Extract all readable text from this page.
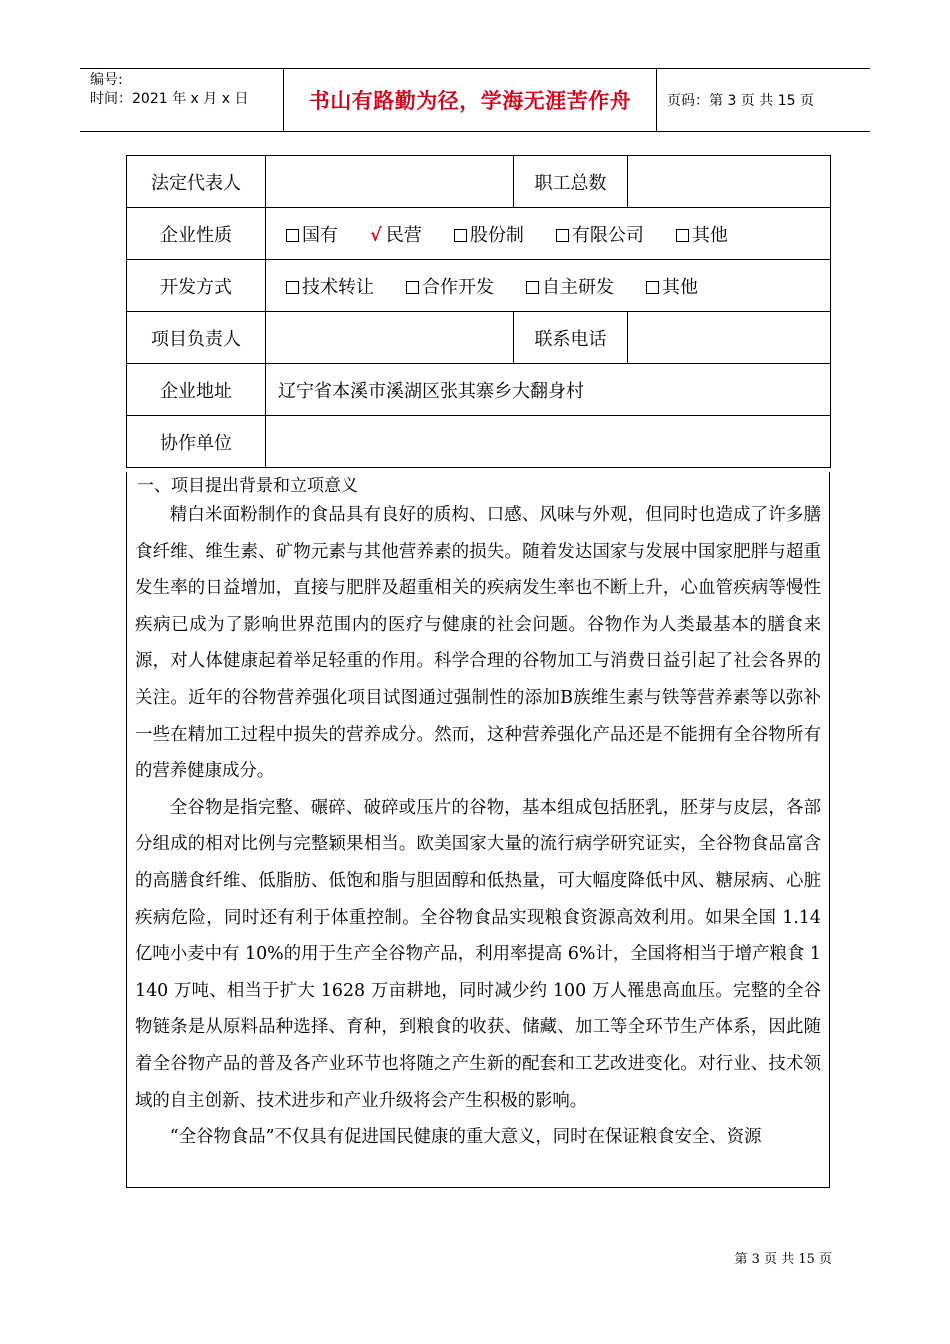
编号:
时间：2021 年 x 月 x 日	书山有路勤为径，学海无涯苦作舟	页码：第 3 页 共 15 页
法定代表人		职工总数	
企业性质	国有 √ 民营 股份制 有限公司 其他		

开发方式	技术转让 合作开发 自主研发 其他		

项目负责人		联系电话	
企业地址	辽宁省本溪市溪湖区张其寨乡大翻身村		
协作单位			
一、项目提出背景和立项意义

精白米面粉制作的食品具有良好的质构、口感、风味与外观，但同时也造成了许多膳食纤维、维生素、矿物元素与其他营养素的损失。随着发达国家与发展中国家肥胖与超重发生率的日益增加，直接与肥胖及超重相关的疾病发生率也不断上升，心血管疾病等慢性疾病已成为了影响世界范围内的医疗与健康的社会问题。谷物作为人类最基本的膳食来源，对人体健康起着举足轻重的作用。科学合理的谷物加工与消费日益引起了社会各界的关注。近年的谷物营养强化项目试图通过强制性的添加B族维生素与铁等营养素等以弥补一些在精加工过程中损失的营养成分。然而，这种营养强化产品还是不能拥有全谷物所有的营养健康成分。

全谷物是指完整、碾碎、破碎或压片的谷物，基本组成包括胚乳，胚芽与皮层，各部分组成的相对比例与完整颖果相当。欧美国家大量的流行病学研究证实，全谷物食品富含的高膳食纤维、低脂肪、低饱和脂与胆固醇和低热量，可大幅度降低中风、糖尿病、心脏疾病危险，同时还有利于体重控制。全谷物食品实现粮食资源高效利用。如果全国 1.14 亿吨小麦中有 10%的用于生产全谷物产品，利用率提高 6%计，全国将相当于增产粮食 1140 万吨、相当于扩大 1628 万亩耕地，同时减少约 100 万人罹患高血压。完整的全谷物链条是从原料品种选择、育种，到粮食的收获、储藏、加工等全环节生产体系，因此随着全谷物产品的普及各产业环节也将随之产生新的配套和工艺改进变化。对行业、技术领域的自主创新、技术进步和产业升级将会产生积极的影响。

“全谷物食品”不仅具有促进国民健康的重大意义，同时在保证粮食安全、资源

第 3 页 共 15 页
